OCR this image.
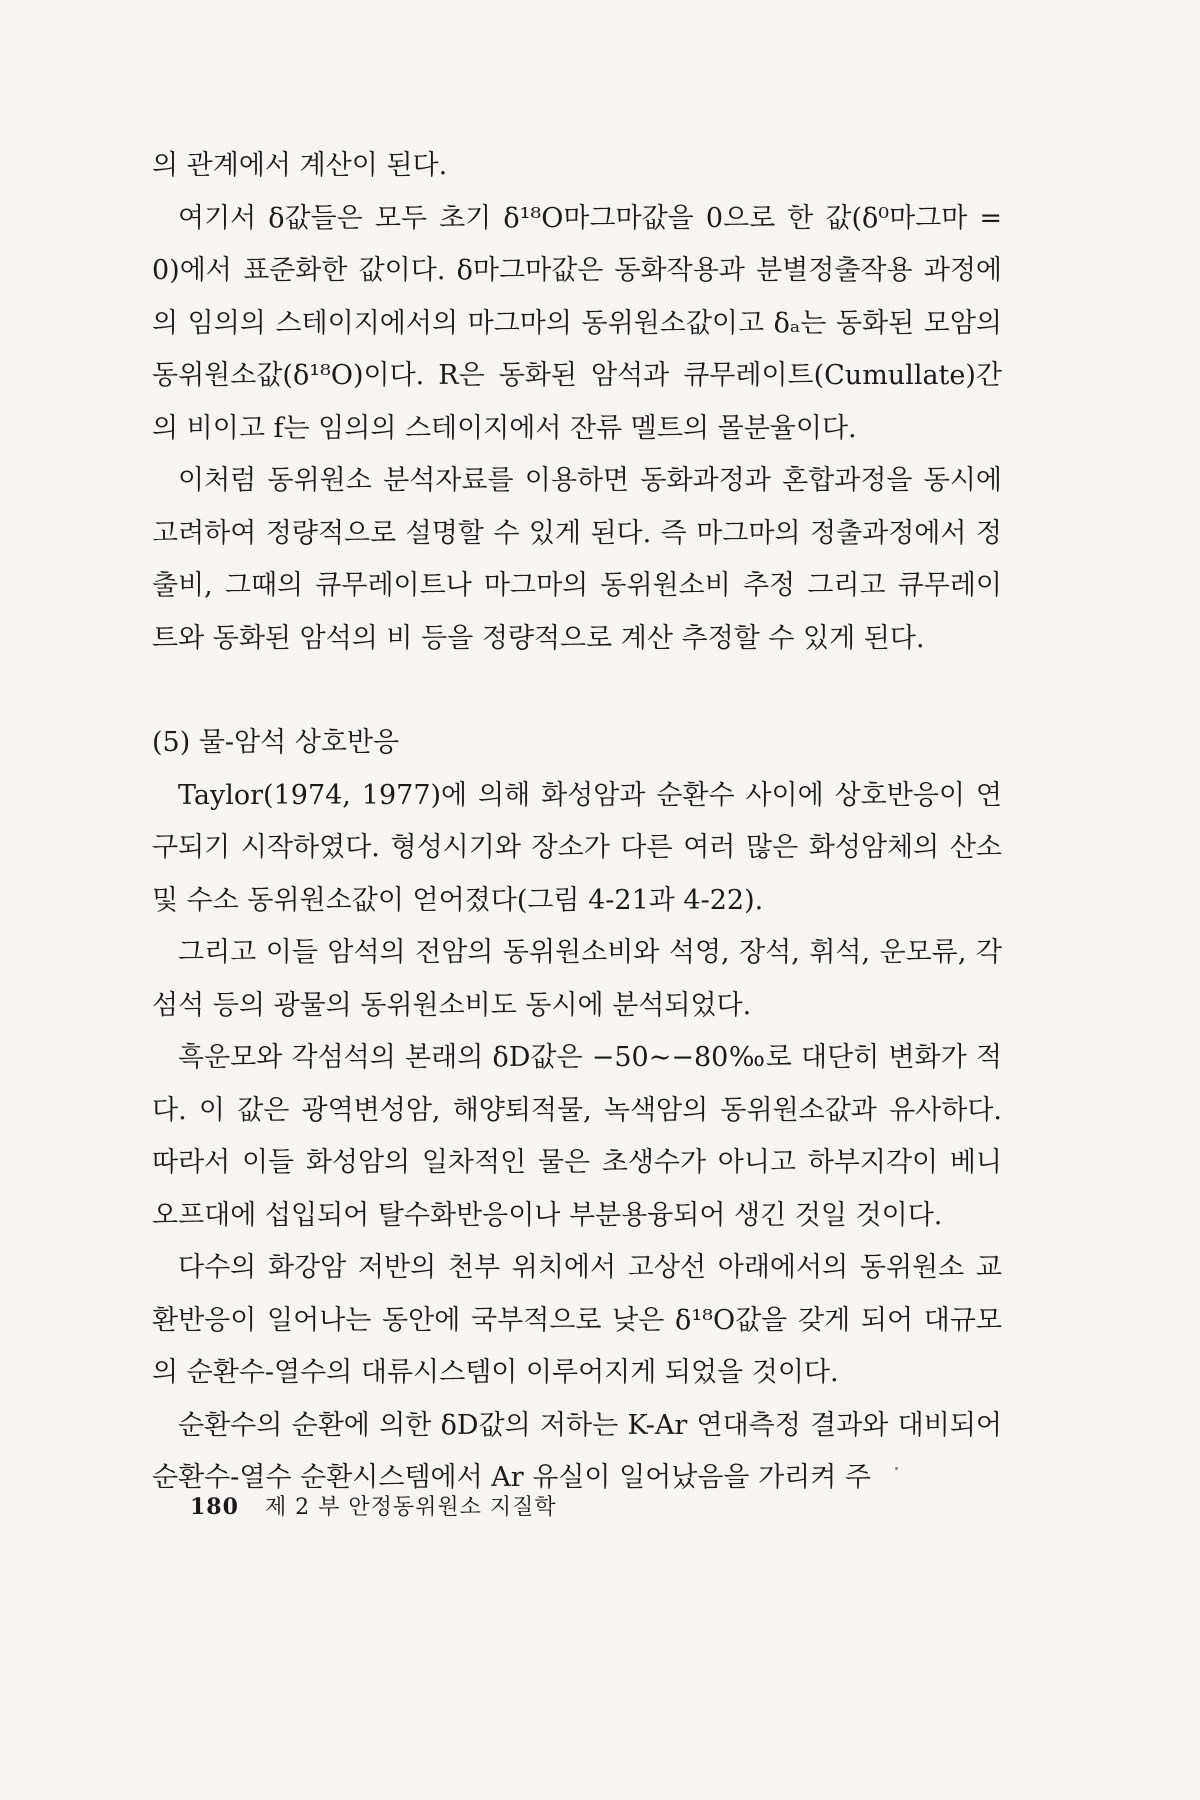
의 관계에서 계산이 된다.

여기서 δ값들은 모두 초기 δ¹⁸O마그마값을 0으로 한 값(δ⁰마그마 = 0)에서 표준화한 값이다. δ마그마값은 동화작용과 분별정출작용 과정에의 임의의 스테이지에서의 마그마의 동위원소값이고 δₐ는 동화된 모암의 동위원소값(δ¹⁸O)이다. R은 동화된 암석과 큐무레이트(Cumullate)간의 비이고 f는 임의의 스테이지에서 잔류 멜트의 몰분율이다.

이처럼 동위원소 분석자료를 이용하면 동화과정과 혼합과정을 동시에 고려하여 정량적으로 설명할 수 있게 된다. 즉 마그마의 정출과정에서 정출비, 그때의 큐무레이트나 마그마의 동위원소비 추정 그리고 큐무레이트와 동화된 암석의 비 등을 정량적으로 계산 추정할 수 있게 된다.

(5) 물-암석 상호반응

Taylor(1974, 1977)에 의해 화성암과 순환수 사이에 상호반응이 연구되기 시작하였다. 형성시기와 장소가 다른 여러 많은 화성암체의 산소 및 수소 동위원소값이 얻어졌다(그림 4-21과 4-22).

그리고 이들 암석의 전암의 동위원소비와 석영, 장석, 휘석, 운모류, 각섬석 등의 광물의 동위원소비도 동시에 분석되었다.

흑운모와 각섬석의 본래의 δD값은 −50∼−80‰로 대단히 변화가 적다. 이 값은 광역변성암, 해양퇴적물, 녹색암의 동위원소값과 유사하다. 따라서 이들 화성암의 일차적인 물은 초생수가 아니고 하부지각이 베니오프대에 섭입되어 탈수화반응이나 부분용융되어 생긴 것일 것이다.

다수의 화강암 저반의 천부 위치에서 고상선 아래에서의 동위원소 교환반응이 일어나는 동안에 국부적으로 낮은 δ¹⁸O값을 갖게 되어 대규모의 순환수-열수의 대류시스템이 이루어지게 되었을 것이다.

순환수의 순환에 의한 δD값의 저하는 K-Ar 연대측정 결과와 대비되어 순환수-열수 순환시스템에서 Ar 유실이 일어났음을 가리켜 주

180 제 2 부 안정동위원소 지질학
